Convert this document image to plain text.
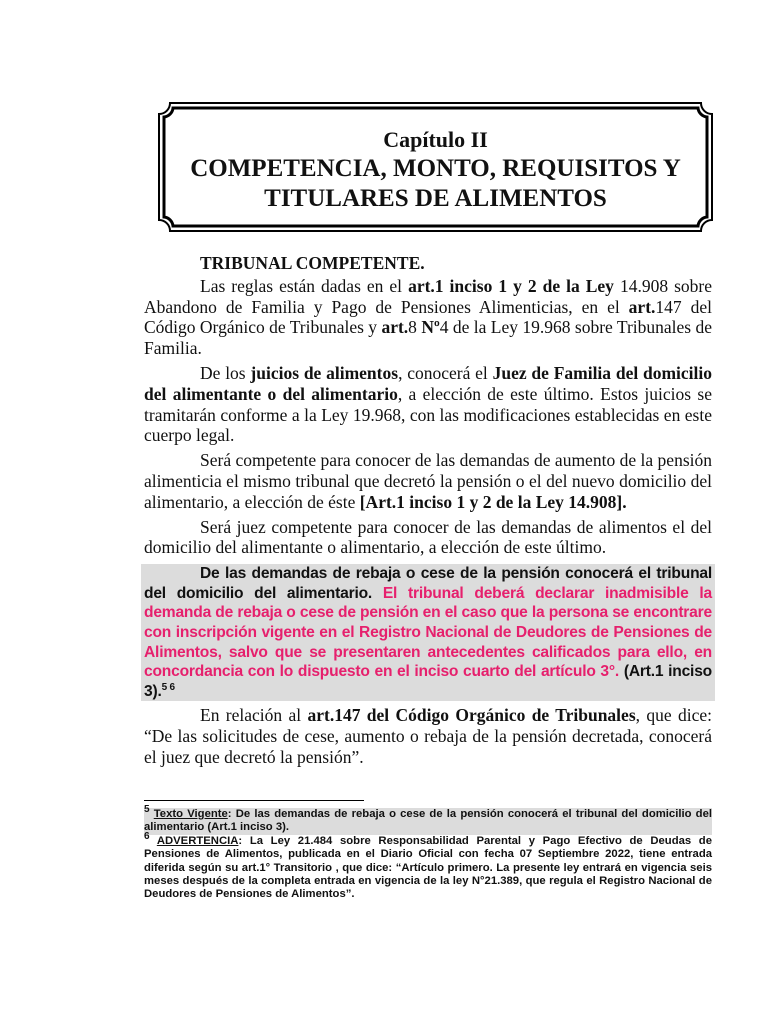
Capítulo II
COMPETENCIA, MONTO, REQUISITOS Y
TITULARES DE ALIMENTOS

TRIBUNAL COMPETENTE.

Las reglas están dadas en el art.1 inciso 1 y 2 de la Ley 14.908 sobre Abandono de Familia y Pago de Pensiones Alimenticias, en el art.147 del Código Orgánico de Tribunales y art.8 Nº4 de la Ley 19.968 sobre Tribunales de Familia.

De los juicios de alimentos, conocerá el Juez de Familia del domicilio del alimentante o del alimentario, a elección de este último. Estos juicios se tramitarán conforme a la Ley 19.968, con las modificaciones establecidas en este cuerpo legal.

Será competente para conocer de las demandas de aumento de la pensión alimenticia el mismo tribunal que decretó la pensión o el del nuevo domicilio del alimentario, a elección de éste [Art.1 inciso 1 y 2 de la Ley 14.908].

Será juez competente para conocer de las demandas de alimentos el del domicilio del alimentante o alimentario, a elección de este último.

De las demandas de rebaja o cese de la pensión conocerá el tribunal del domicilio del alimentario. El tribunal deberá declarar inadmisible la demanda de rebaja o cese de pensión en el caso que la persona se encontrare con inscripción vigente en el Registro Nacional de Deudores de Pensiones de Alimentos, salvo que se presentaren antecedentes calificados para ello, en concordancia con lo dispuesto en el inciso cuarto del artículo 3°. (Art.1 inciso 3).$^{5 6}$

En relación al art.147 del Código Orgánico de Tribunales, que dice: “De las solicitudes de cese, aumento o rebaja de la pensión decretada, conocerá el juez que decretó la pensión”.

$^5$ Texto Vigente: De las demandas de rebaja o cese de la pensión conocerá el tribunal del domicilio del alimentario (Art.1 inciso 3).

$^6$ ADVERTENCIA: La Ley 21.484 sobre Responsabilidad Parental y Pago Efectivo de Deudas de Pensiones de Alimentos, publicada en el Diario Oficial con fecha 07 Septiembre 2022, tiene entrada diferida según su art.1° Transitorio , que dice: “Artículo primero. La presente ley entrará en vigencia seis meses después de la completa entrada en vigencia de la ley N°21.389, que regula el Registro Nacional de Deudores de Pensiones de Alimentos”.
